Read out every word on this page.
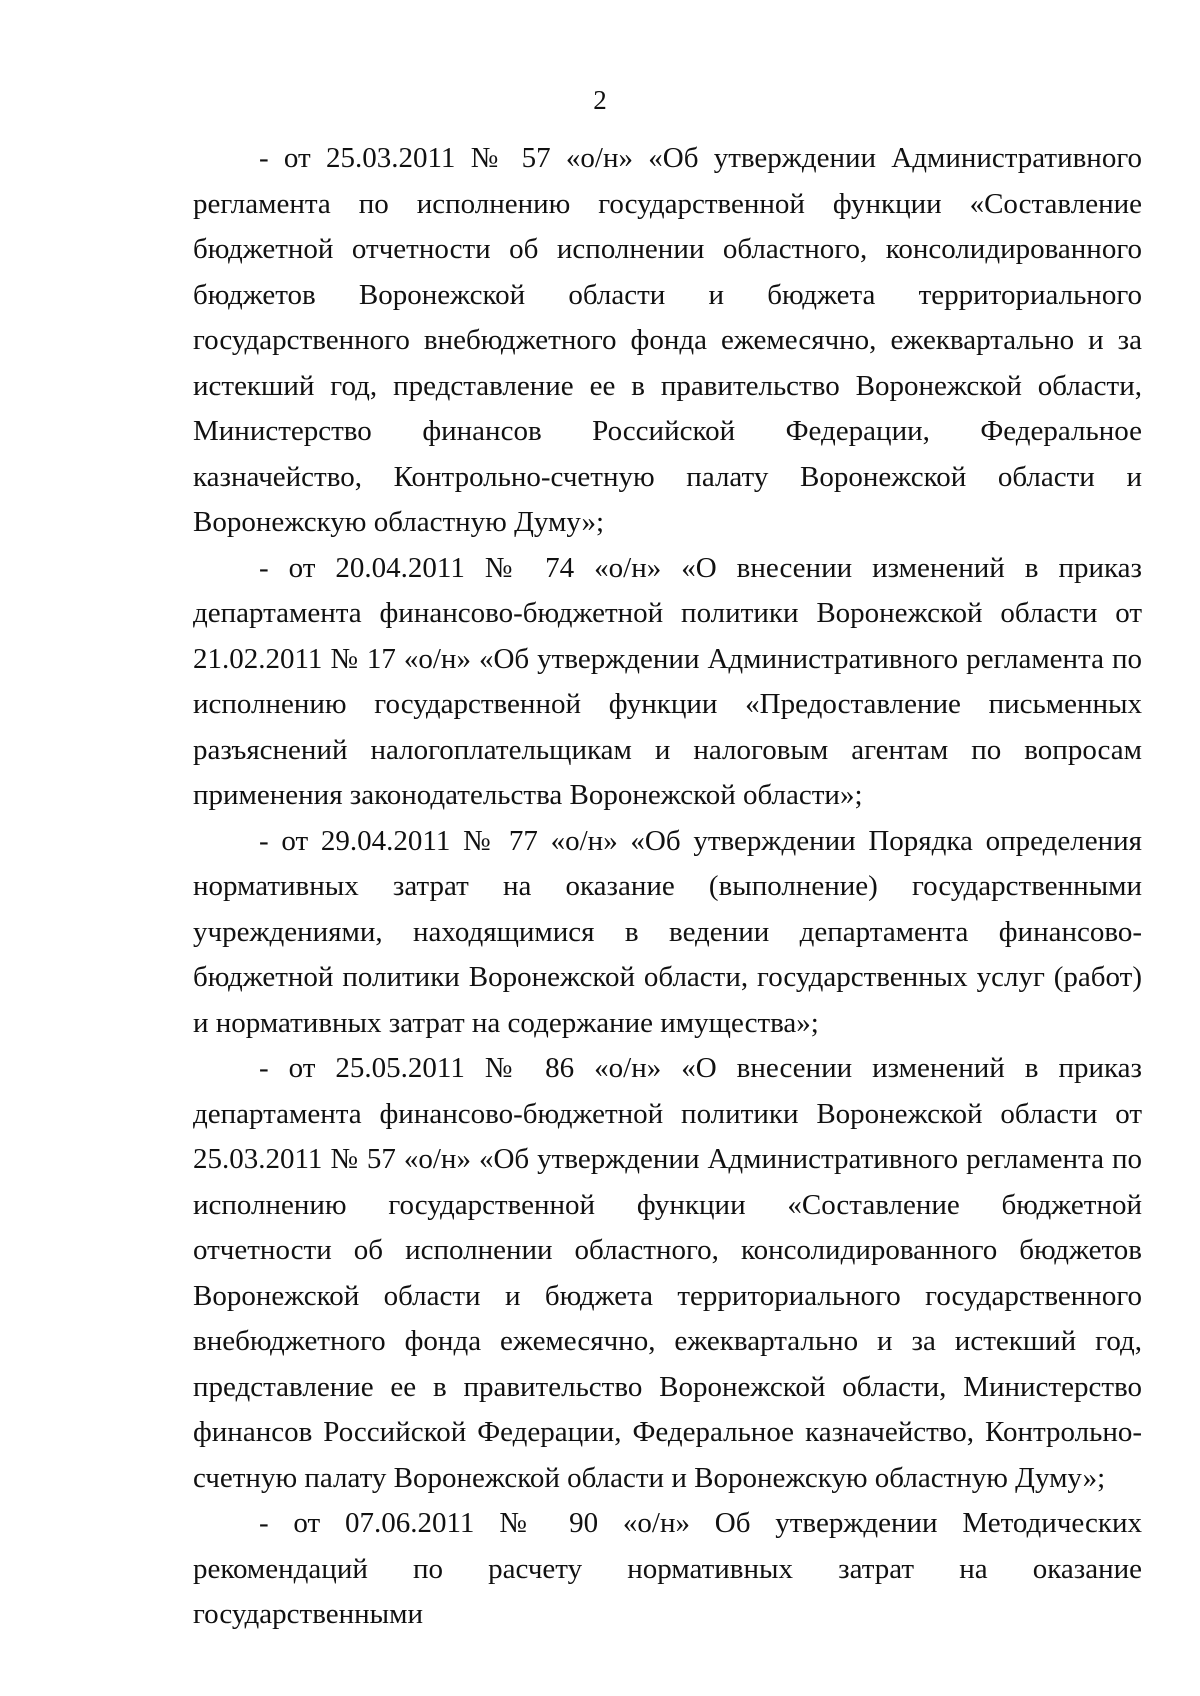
2

- от 25.03.2011 № 57 «о/н» «Об утверждении Административного регламента по исполнению государственной функции «Составление бюджетной отчетности об исполнении областного, консолидированного бюджетов Воронежской области и бюджета территориального государственного внебюджетного фонда ежемесячно, ежеквартально и за истекший год, представление ее в правительство Воронежской области, Министерство финансов Российской Федерации, Федеральное казначейство, Контрольно-счетную палату Воронежской области и Воронежскую областную Думу»;

- от 20.04.2011 № 74 «о/н» «О внесении изменений в приказ департамента финансово-бюджетной политики Воронежской области от 21.02.2011 № 17 «о/н» «Об утверждении Административного регламента по исполнению государственной функции «Предоставление письменных разъяснений налогоплательщикам и налоговым агентам по вопросам применения законодательства Воронежской области»;

- от 29.04.2011 № 77 «о/н» «Об утверждении Порядка определения нормативных затрат на оказание (выполнение) государственными учреждениями, находящимися в ведении департамента финансово-бюджетной политики Воронежской области, государственных услуг (работ) и нормативных затрат на содержание имущества»;

- от 25.05.2011 № 86 «о/н» «О внесении изменений в приказ департамента финансово-бюджетной политики Воронежской области от 25.03.2011 № 57 «о/н» «Об утверждении Административного регламента по исполнению государственной функции «Составление бюджетной отчетности об исполнении областного, консолидированного бюджетов Воронежской области и бюджета территориального государственного внебюджетного фонда ежемесячно, ежеквартально и за истекший год, представление ее в правительство Воронежской области, Министерство финансов Российской Федерации, Федеральное казначейство, Контрольно-счетную палату Воронежской области и Воронежскую областную Думу»;

- от 07.06.2011 № 90 «о/н» Об утверждении Методических рекомендаций по расчету нормативных затрат на оказание государственными
